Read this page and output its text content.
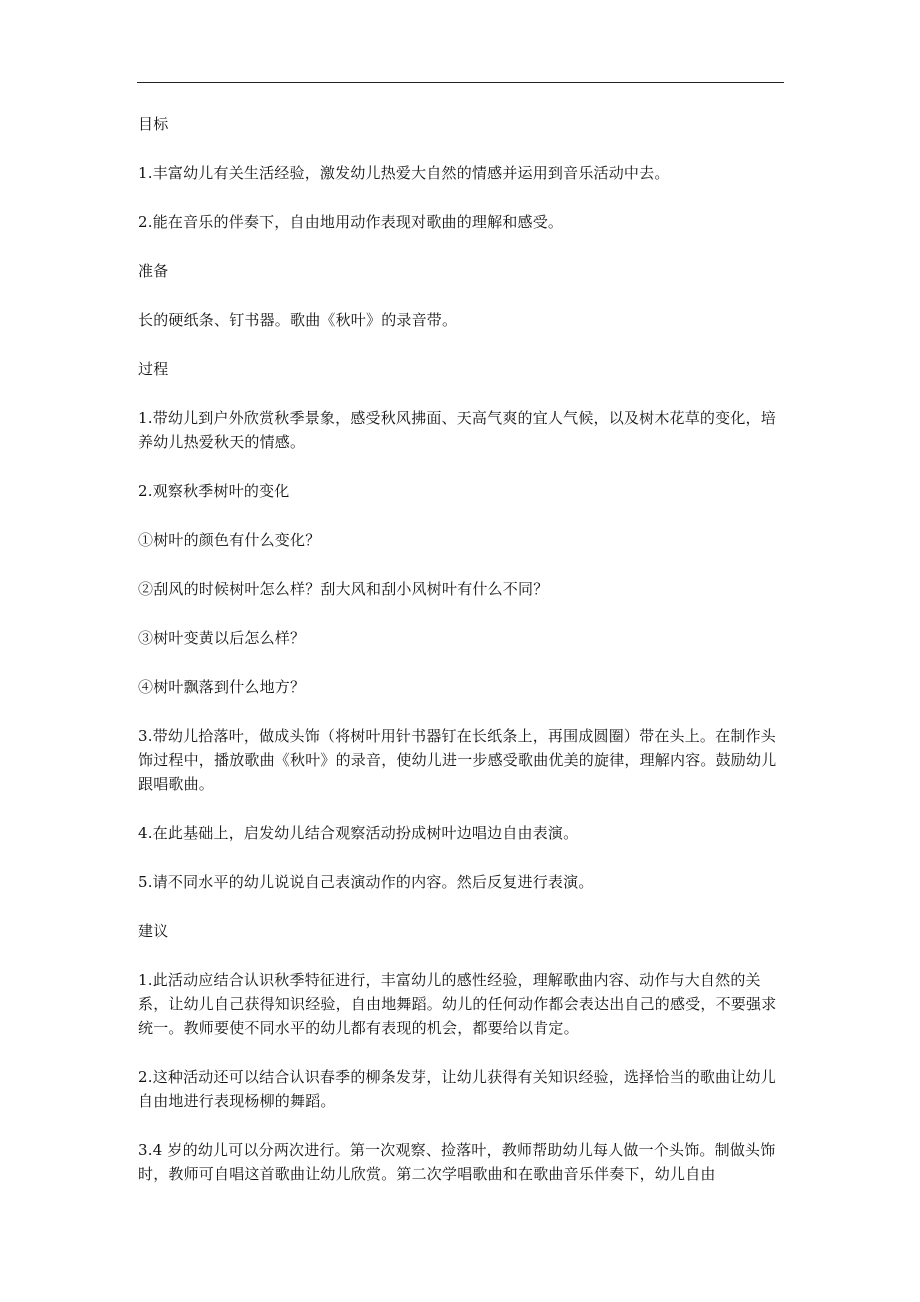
目标

1.丰富幼儿有关生活经验，激发幼儿热爱大自然的情感并运用到音乐活动中去。

2.能在音乐的伴奏下，自由地用动作表现对歌曲的理解和感受。

准备

长的硬纸条、钉书器。歌曲《秋叶》的录音带。

过程

1.带幼儿到户外欣赏秋季景象，感受秋风拂面、天高气爽的宜人气候，以及树木花草的变化，培养幼儿热爱秋天的情感。

2.观察秋季树叶的变化

①树叶的颜色有什么变化？

②刮风的时候树叶怎么样？刮大风和刮小风树叶有什么不同？

③树叶变黄以后怎么样？

④树叶飘落到什么地方？

3.带幼儿拾落叶，做成头饰（将树叶用针书器钉在长纸条上，再围成圆圈）带在头上。在制作头饰过程中，播放歌曲《秋叶》的录音，使幼儿进一步感受歌曲优美的旋律，理解内容。鼓励幼儿跟唱歌曲。

4.在此基础上，启发幼儿结合观察活动扮成树叶边唱边自由表演。

5.请不同水平的幼儿说说自己表演动作的内容。然后反复进行表演。

建议

1.此活动应结合认识秋季特征进行，丰富幼儿的感性经验，理解歌曲内容、动作与大自然的关系，让幼儿自己获得知识经验，自由地舞蹈。幼儿的任何动作都会表达出自己的感受，不要强求统一。教师要使不同水平的幼儿都有表现的机会，都要给以肯定。

2.这种活动还可以结合认识春季的柳条发芽，让幼儿获得有关知识经验，选择恰当的歌曲让幼儿自由地进行表现杨柳的舞蹈。

3.4 岁的幼儿可以分两次进行。第一次观察、捡落叶，教师帮助幼儿每人做一个头饰。制做头饰时，教师可自唱这首歌曲让幼儿欣赏。第二次学唱歌曲和在歌曲音乐伴奏下，幼儿自由
